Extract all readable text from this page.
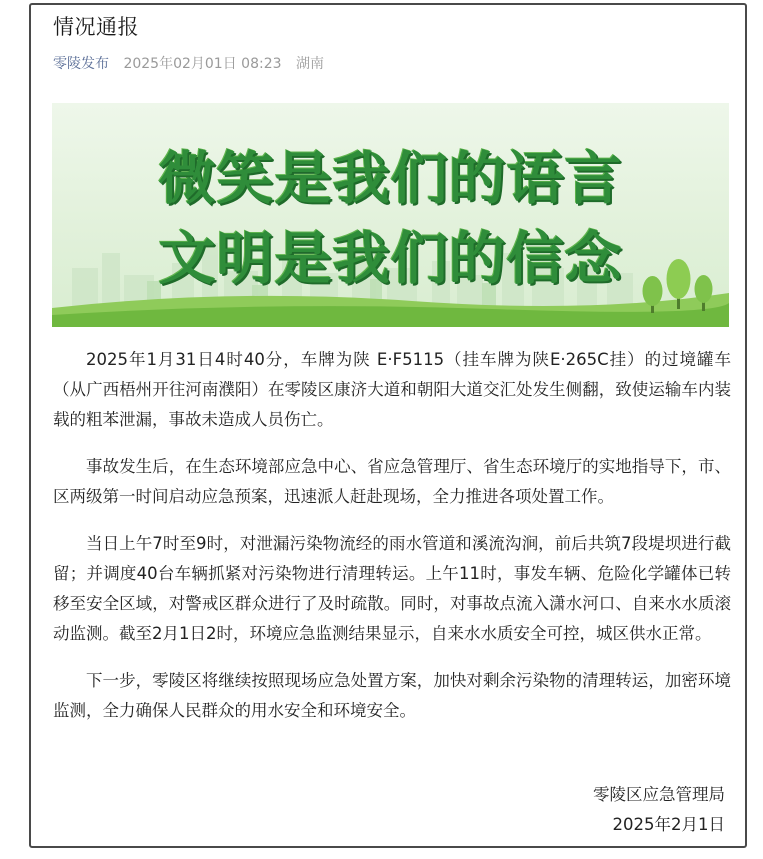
情况通报
零陵发布 2025年02月01日 08:23 湖南
微笑是我们的语言
文明是我们的信念

2025年1月31日4时40分，车牌为陕 E·F5115（挂车牌为陕E·265C挂）的过境罐车（从广西梧州开往河南濮阳）在零陵区康济大道和朝阳大道交汇处发生侧翻，致使运输车内装载的粗苯泄漏，事故未造成人员伤亡。

事故发生后，在生态环境部应急中心、省应急管理厅、省生态环境厅的实地指导下，市、区两级第一时间启动应急预案，迅速派人赶赴现场，全力推进各项处置工作。

当日上午7时至9时，对泄漏污染物流经的雨水管道和溪流沟涧，前后共筑7段堤坝进行截留；并调度40台车辆抓紧对污染物进行清理转运。上午11时，事发车辆、危险化学罐体已转移至安全区域，对警戒区群众进行了及时疏散。同时，对事故点流入潇水河口、自来水水质滚动监测。截至2月1日2时，环境应急监测结果显示，自来水水质安全可控，城区供水正常。

下一步，零陵区将继续按照现场应急处置方案，加快对剩余污染物的清理转运，加密环境监测，全力确保人民群众的用水安全和环境安全。

零陵区应急管理局
2025年2月1日
